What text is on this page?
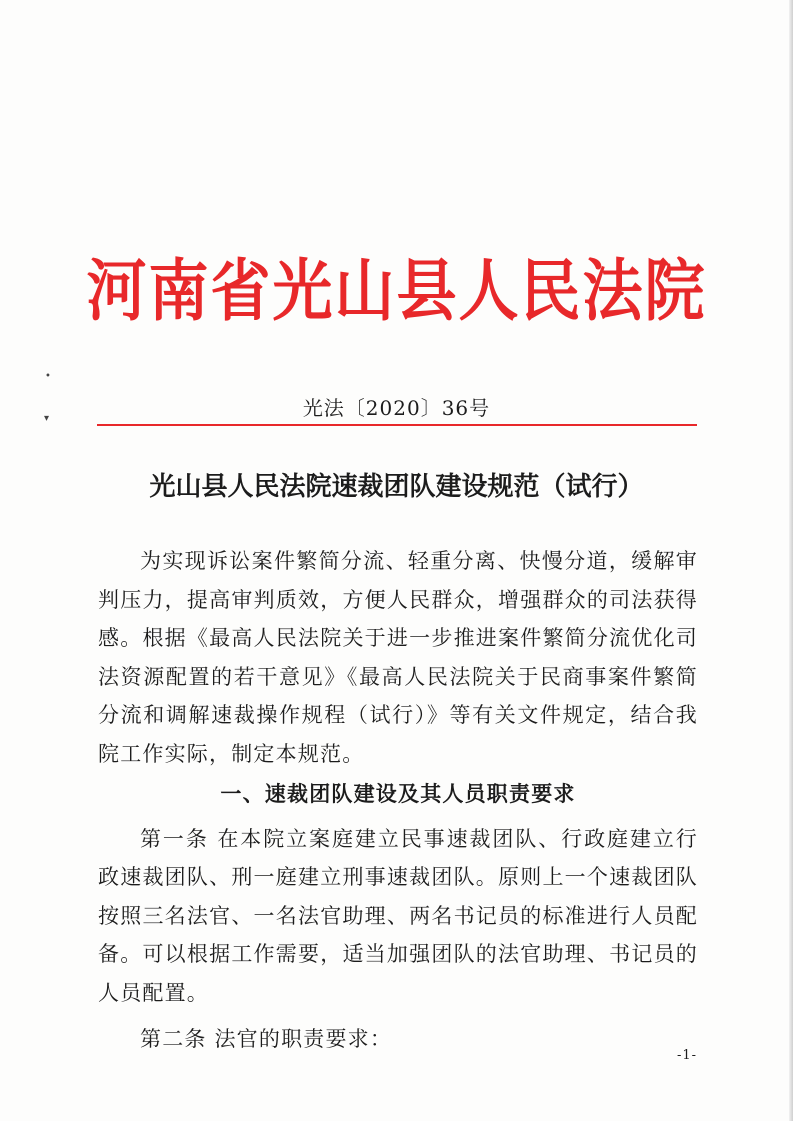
•
▾
河南省光山县人民法院

光法〔2020〕36号

光山县人民法院速裁团队建设规范（试行）

为实现诉讼案件繁简分流、轻重分离、快慢分道，缓解审判压力，提高审判质效，方便人民群众，增强群众的司法获得感。根据《最高人民法院关于进一步推进案件繁简分流优化司法资源配置的若干意见》《最高人民法院关于民商事案件繁简分流和调解速裁操作规程（试行）》等有关文件规定，结合我院工作实际，制定本规范。

一、速裁团队建设及其人员职责要求

第一条 在本院立案庭建立民事速裁团队、行政庭建立行政速裁团队、刑一庭建立刑事速裁团队。原则上一个速裁团队按照三名法官、一名法官助理、两名书记员的标准进行人员配备。可以根据工作需要，适当加强团队的法官助理、书记员的人员配置。

第二条 法官的职责要求：

-1-
